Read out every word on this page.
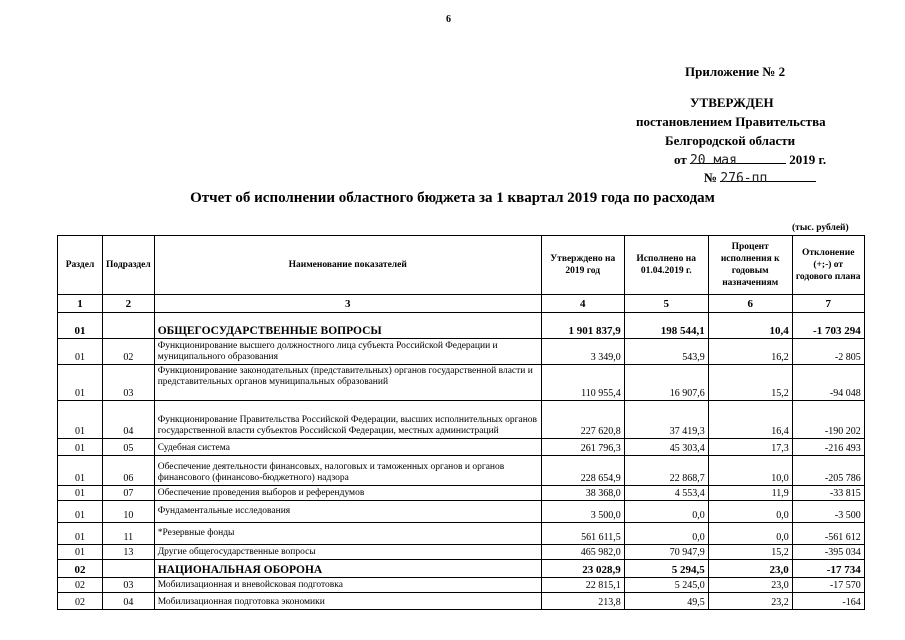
6
Приложение № 2
УТВЕРЖДЕН
постановлением Правительства
Белгородской области
от 20 мая	2019 г.
№ 276-пп
Отчет об исполнении областного бюджета за 1 квартал 2019 года по расходам
(тыс. рублей)
Раздел	Подраздел	Наименование показателей	Утверждено на 2019 год	Исполнено на 01.04.2019 г.	Процент исполнения к годовым назначениям	Отклонение (+;-) от годового плана
1	2	3	4	5	6	7
01		ОБЩЕГОСУДАРСТВЕННЫЕ ВОПРОСЫ	1 901 837,9	198 544,1	10,4	-1 703 294
01	02	Функционирование высшего должностного лица субъекта Российской Федерации и муниципального образования	3 349,0	543,9	16,2	-2 805
01	03	Функционирование законодательных (представительных) органов государственной власти и представительных органов муниципальных образований	110 955,4	16 907,6	15,2	-94 048
01	04	Функционирование Правительства Российской Федерации, высших исполнительных органов государственной власти субъектов Российской Федерации, местных администраций	227 620,8	37 419,3	16,4	-190 202
01	05	Судебная система	261 796,3	45 303,4	17,3	-216 493
01	06	Обеспечение деятельности финансовых, налоговых и таможенных органов и органов финансового (финансово-бюджетного) надзора	228 654,9	22 868,7	10,0	-205 786
01	07	Обеспечение проведения выборов и референдумов	38 368,0	4 553,4	11,9	-33 815
01	10	Фундаментальные исследования	3 500,0	0,0	0,0	-3 500
01	11	*Резервные фонды	561 611,5	0,0	0,0	-561 612
01	13	Другие общегосударственные вопросы	465 982,0	70 947,9	15,2	-395 034
02		НАЦИОНАЛЬНАЯ ОБОРОНА	23 028,9	5 294,5	23,0	-17 734
02	03	Мобилизационная и вневойсковая подготовка	22 815,1	5 245,0	23,0	-17 570
02	04	Мобилизационная подготовка экономики	213,8	49,5	23,2	-164
